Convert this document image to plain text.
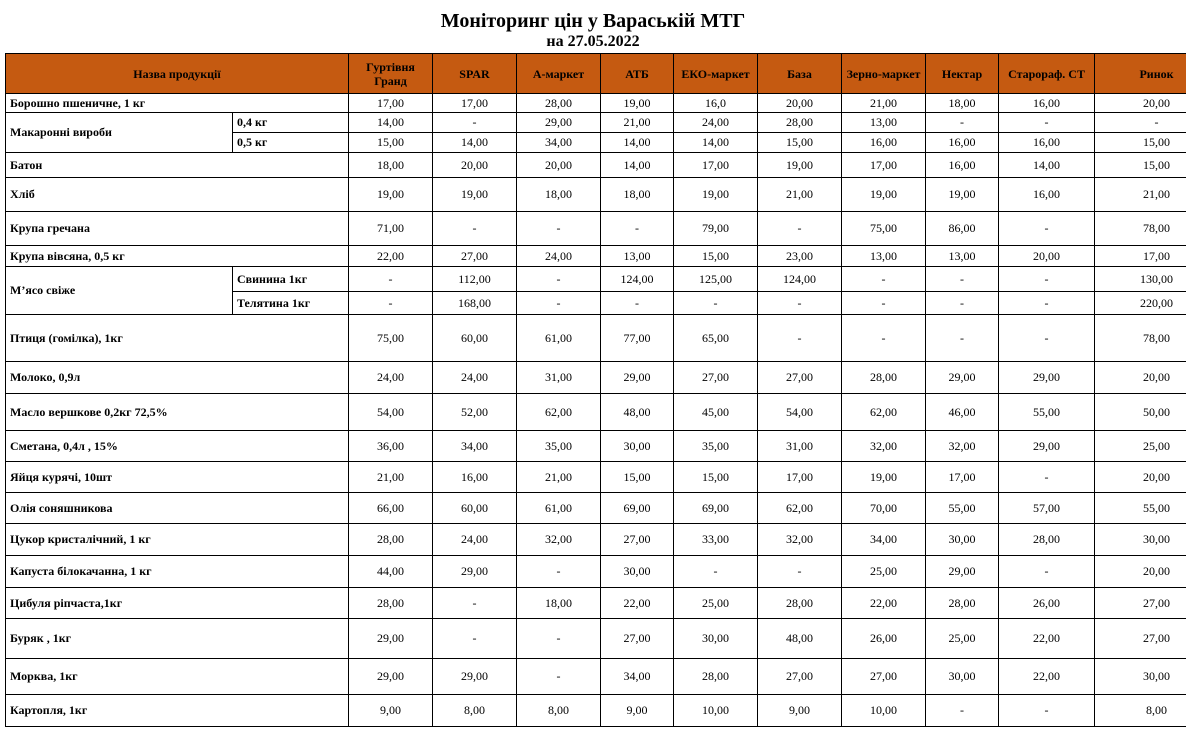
Моніторинг цін у Вараській МТГ
на 27.05.2022
Назва продукції		Гуртівня Гранд	SPAR	А-маркет	АТБ	ЕКО-маркет	База	Зерно-маркет	Нектар	Старораф. СТ	Ринок
Борошно пшеничне, 1 кг		17,00	17,00	28,00	19,00	16,0	20,00	21,00	18,00	16,00	20,00
Макаронні вироби	0,4 кг	14,00	-	29,00	21,00	24,00	28,00	13,00	-	-	-
	0,5 кг	15,00	14,00	34,00	14,00	14,00	15,00	16,00	16,00	16,00	15,00
Батон		18,00	20,00	20,00	14,00	17,00	19,00	17,00	16,00	14,00	15,00
Хліб		19,00	19,00	18,00	18,00	19,00	21,00	19,00	19,00	16,00	21,00
Крупа гречана		71,00	-	-	-	79,00	-	75,00	86,00	-	78,00
Крупа вівсяна, 0,5 кг		22,00	27,00	24,00	13,00	15,00	23,00	13,00	13,00	20,00	17,00
М’ясо свіже	Свинина 1кг	-	112,00	-	124,00	125,00	124,00	-	-	-	130,00
	Телятина 1кг	-	168,00	-	-	-	-	-	-	-	220,00
Птиця (гомілка), 1кг		75,00	60,00	61,00	77,00	65,00	-	-	-	-	78,00
Молоко, 0,9л		24,00	24,00	31,00	29,00	27,00	27,00	28,00	29,00	29,00	20,00
Масло вершкове 0,2кг 72,5%		54,00	52,00	62,00	48,00	45,00	54,00	62,00	46,00	55,00	50,00
Сметана, 0,4л , 15%		36,00	34,00	35,00	30,00	35,00	31,00	32,00	32,00	29,00	25,00
Яйця курячі, 10шт		21,00	16,00	21,00	15,00	15,00	17,00	19,00	17,00	-	20,00
Олія соняшникова		66,00	60,00	61,00	69,00	69,00	62,00	70,00	55,00	57,00	55,00
Цукор кристалічний, 1 кг		28,00	24,00	32,00	27,00	33,00	32,00	34,00	30,00	28,00	30,00
Капуста білокачанна, 1 кг		44,00	29,00	-	30,00	-	-	25,00	29,00	-	20,00
Цибуля ріпчаста,1кг		28,00	-	18,00	22,00	25,00	28,00	22,00	28,00	26,00	27,00
Буряк , 1кг		29,00	-	-	27,00	30,00	48,00	26,00	25,00	22,00	27,00
Морква, 1кг		29,00	29,00	-	34,00	28,00	27,00	27,00	30,00	22,00	30,00
Картопля, 1кг		9,00	8,00	8,00	9,00	10,00	9,00	10,00	-	-	8,00
